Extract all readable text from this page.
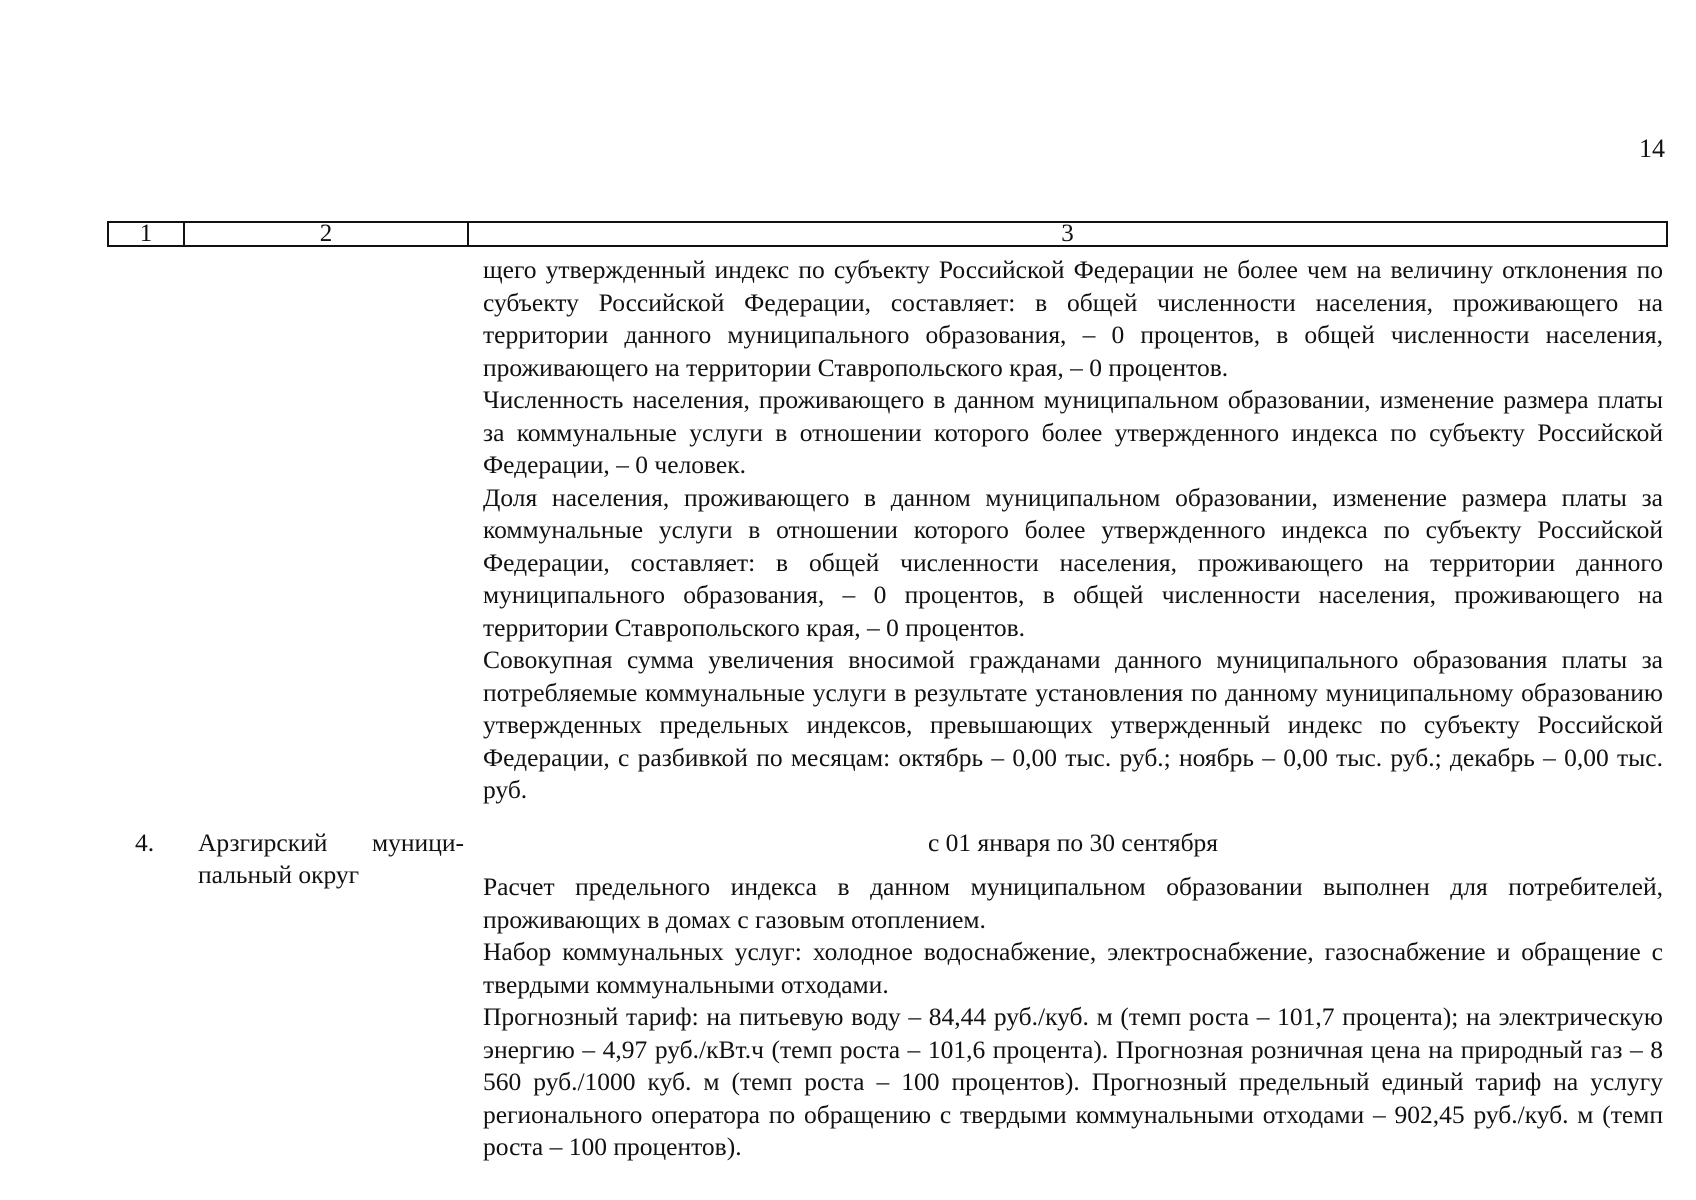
14
1	2	3

щего утвержденный индекс по субъекту Российской Федерации не более чем на величину отклонения по субъекту Российской Федерации, составляет: в общей численности населения, проживающего на территории данного муниципального образования, – 0 процентов, в общей численности населения, проживающего на территории Ставропольского края, – 0 процентов.

Численность населения, проживающего в данном муниципальном образовании, изменение размера платы за коммунальные услуги в отношении которого более утвержденного индекса по субъекту Российской Федерации, – 0 человек.

Доля населения, проживающего в данном муниципальном образовании, изменение размера платы за коммунальные услуги в отношении которого более утвержденного индекса по субъекту Российской Федерации, составляет: в общей численности населения, проживающего на территории данного муниципального образования, – 0 процентов, в общей численности населения, проживающего на территории Ставропольского края, – 0 процентов.

Совокупная сумма увеличения вносимой гражданами данного муниципального образования платы за потребляемые коммунальные услуги в результате установления по данному муниципальному образованию утвержденных предельных индексов, превышающих утвержденный индекс по субъекту Российской Федерации, с разбивкой по месяцам: октябрь – 0,00 тыс. руб.; ноябрь – 0,00 тыс. руб.; декабрь – 0,00 тыс. руб.

4. Арзгирский муниципальный округ
с 01 января по 30 сентября

Расчет предельного индекса в данном муниципальном образовании выполнен для потребителей, проживающих в домах с газовым отоплением.

Набор коммунальных услуг: холодное водоснабжение, электроснабжение, газоснабжение и обращение с твердыми коммунальными отходами.

Прогнозный тариф: на питьевую воду – 84,44 руб./куб. м (темп роста – 101,7 процента); на электрическую энергию – 4,97 руб./кВт.ч (темп роста – 101,6 процента). Прогнозная розничная цена на природный газ – 8 560 руб./1000 куб. м (темп роста – 100 процентов). Прогнозный предельный единый тариф на услугу регионального оператора по обращению с твердыми коммунальными отходами – 902,45 руб./куб. м (темп роста – 100 процентов).
